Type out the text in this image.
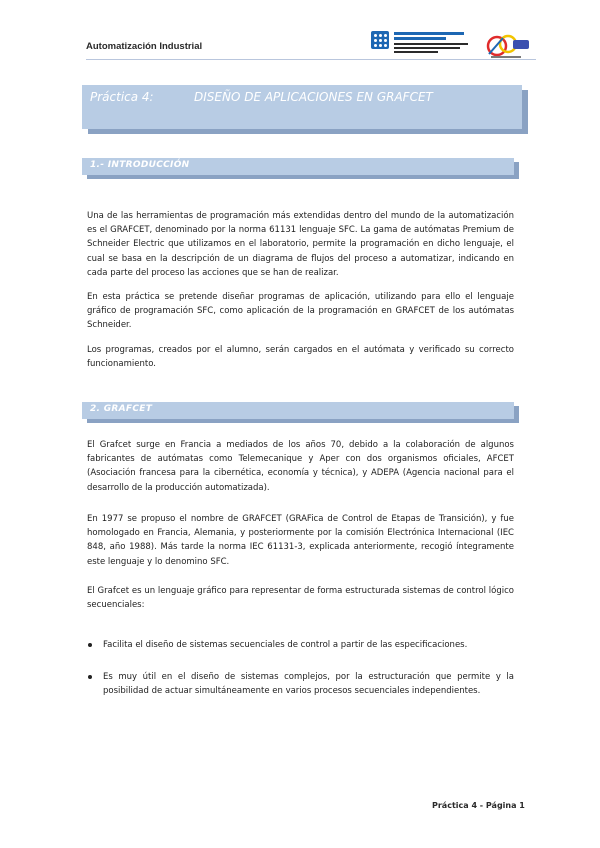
Automatización Industrial
Práctica 4:	DISEÑO DE APLICACIONES EN GRAFCET
1.- INTRODUCCIÓN
Una de las herramientas de programación más extendidas dentro del mundo de la automatización es el GRAFCET, denominado por la norma 61131 lenguaje SFC. La gama de autómatas Premium de Schneider Electric que utilizamos en el laboratorio, permite la programación en dicho lenguaje, el cual se basa en la descripción de un diagrama de flujos del proceso a automatizar, indicando en cada parte del proceso las acciones que se han de realizar.
En esta práctica se pretende diseñar programas de aplicación, utilizando para ello el lenguaje gráfico de programación SFC, como aplicación de la programación en GRAFCET de los autómatas Schneider.
Los programas, creados por el alumno, serán cargados en el autómata y verificado su correcto funcionamiento.
2. GRAFCET
El Grafcet surge en Francia a mediados de los años 70, debido a la colaboración de algunos fabricantes de autómatas como Telemecanique y Aper con dos organismos oficiales, AFCET (Asociación francesa para la cibernética, economía y técnica), y ADEPA (Agencia nacional para el desarrollo de la producción automatizada).
En 1977 se propuso el nombre de GRAFCET (GRAFica de Control de Etapas de Transición), y fue homologado en Francia, Alemania, y posteriormente por la comisión Electrónica Internacional (IEC 848, año 1988). Más tarde la norma IEC 61131-3, explicada anteriormente, recogió íntegramente este lenguaje y lo denomino SFC.
El Grafcet es un lenguaje gráfico para representar de forma estructurada sistemas de control lógico secuenciales:
Facilita el diseño de sistemas secuenciales de control a partir de las especificaciones.
Es muy útil en el diseño de sistemas complejos, por la estructuración que permite y la posibilidad de actuar simultáneamente en varios procesos secuenciales independientes.
Práctica 4 - Página 1
